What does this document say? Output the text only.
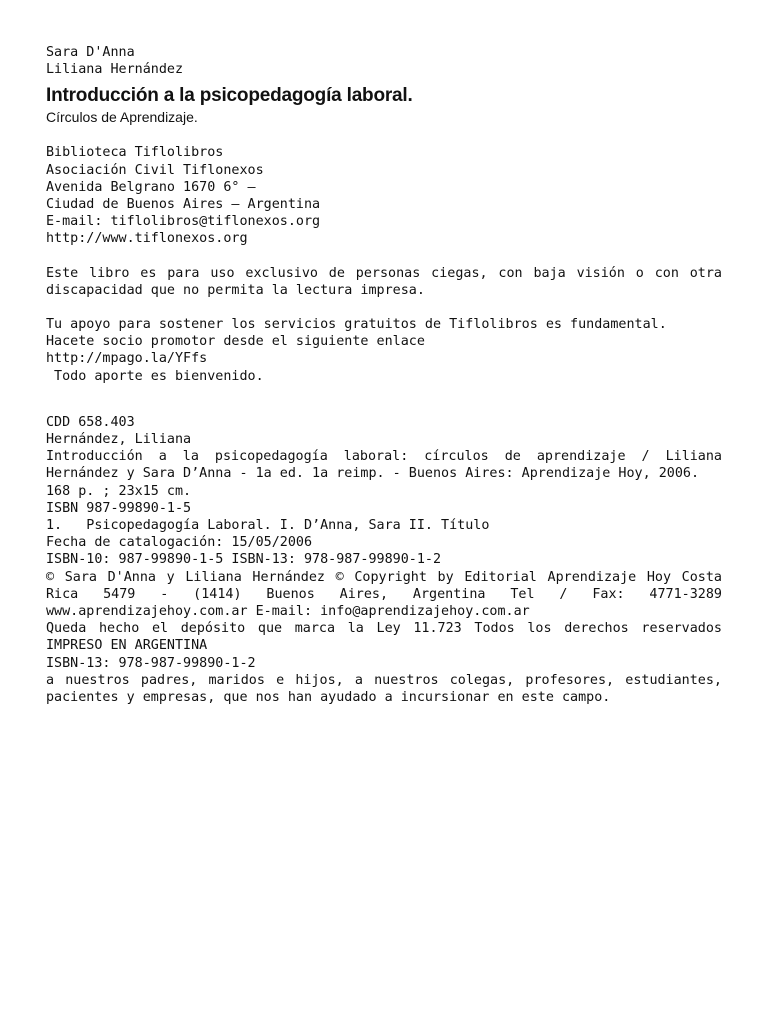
Sara D'Anna
Liliana Hernández
Introducción a la psicopedagogía laboral.
Círculos de Aprendizaje.
Biblioteca Tiflolibros
Asociación Civil Tiflonexos
Avenida Belgrano 1670 6° —
Ciudad de Buenos Aires — Argentina
E-mail: tiflolibros@tiflonexos.org
http://www.tiflonexos.org

Este libro es para uso exclusivo de personas ciegas, con baja visión o con otra discapacidad que no permita la lectura impresa.

Tu apoyo para sostener los servicios gratuitos de Tiflolibros es fundamental.

Hacete socio promotor desde el siguiente enlace
http://mpago.la/YFfs
Todo aporte es bienvenido.
CDD 658.403
Hernández, Liliana

Introducción a la psicopedagogía laboral: círculos de aprendizaje / Liliana Hernández y Sara D’Anna - 1a ed. 1a reimp. - Buenos Aires: Aprendizaje Hoy, 2006.

168 p. ; 23x15 cm.
ISBN 987-99890-1-5
1.   Psicopedagogía Laboral. I. D’Anna, Sara II. Título
Fecha de catalogación: 15/05/2006
ISBN-10: 987-99890-1-5 ISBN-13: 978-987-99890-1-2

© Sara D'Anna y Liliana Hernández © Copyright by Editorial Aprendizaje Hoy Costa Rica 5479 - (1414) Buenos Aires, Argentina Tel / Fax: 4771-3289 www.aprendizajehoy.com.ar E-mail: info@aprendizajehoy.com.ar

Queda hecho el depósito que marca la Ley 11.723 Todos los derechos reservados IMPRESO EN ARGENTINA

ISBN-13: 978-987-99890-1-2

a nuestros padres, maridos e hijos, a nuestros colegas, profesores, estudiantes, pacientes y empresas, que nos han ayudado a incursionar en este campo.
